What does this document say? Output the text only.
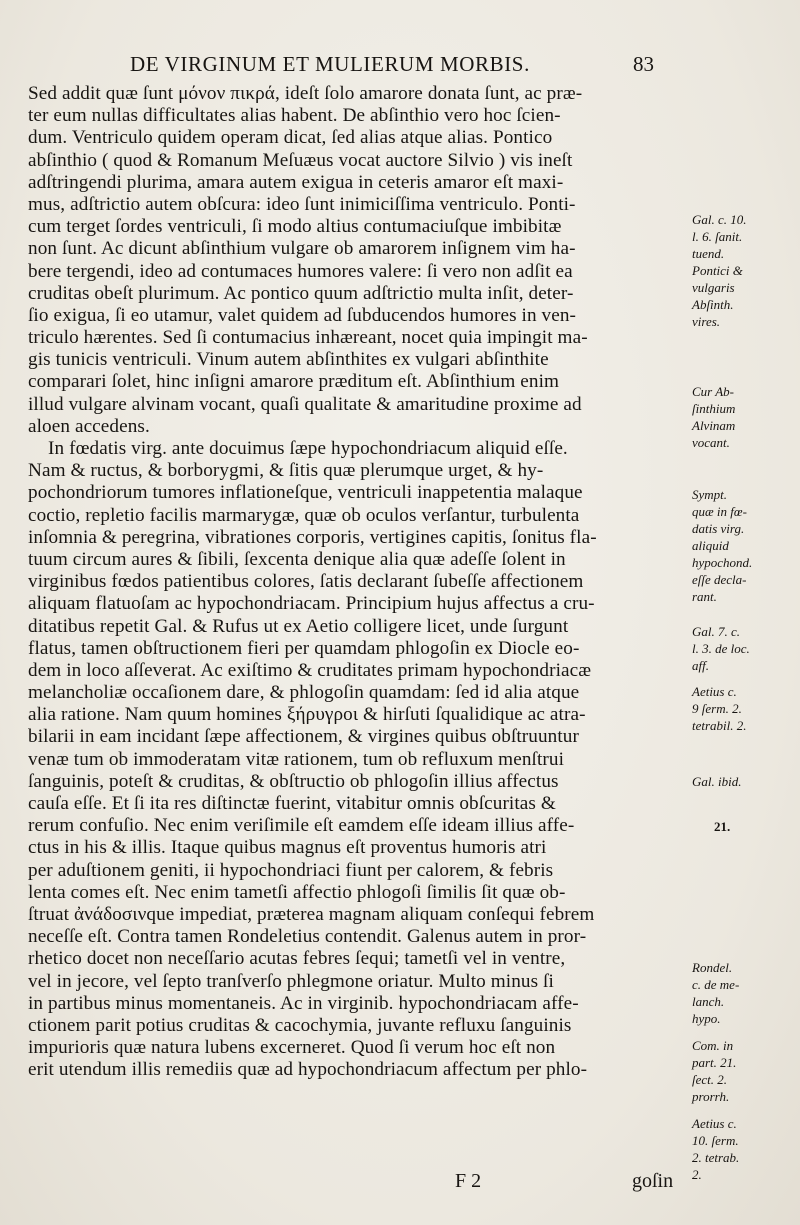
DE VIRGINUM ET MULIERUM MORBIS.	83
Sed addit quæ ſunt μόνον πικρά, ideſt ſolo amarore donata ſunt, ac præ-
ter eum nullas difficultates alias habent. De abſinthio vero hoc ſcien-
dum. Ventriculo quidem operam dicat, ſed alias atque alias. Pontico
abſinthio ( quod & Romanum Meſuæus vocat auctore Silvio ) vis ineſt
adſtringendi plurima, amara autem exigua in ceteris amaror eſt maxi-
mus, adſtrictio autem obſcura: ideo ſunt inimiciſſima ventriculo. Ponti-
cum terget ſordes ventriculi, ſi modo altius contumaciuſque imbibitæ
non ſunt. Ac dicunt abſinthium vulgare ob amarorem inſignem vim ha-
bere tergendi, ideo ad contumaces humores valere: ſi vero non adſit ea
cruditas obeſt plurimum. Ac pontico quum adſtrictio multa inſit, deter-
ſio exigua, ſi eo utamur, valet quidem ad ſubducendos humores in ven-
triculo hærentes. Sed ſi contumacius inhæreant, nocet quia impingit ma-
gis tunicis ventriculi. Vinum autem abſinthites ex vulgari abſinthite
comparari ſolet, hinc inſigni amarore præditum eſt. Abſinthium enim
illud vulgare alvinam vocant, quaſi qualitate & amaritudine proxime ad
aloen accedens.
In fœdatis virg. ante docuimus ſæpe hypochondriacum aliquid eſſe.
Nam & ructus, & borborygmi, & ſitis quæ plerumque urget, & hy-
pochondriorum tumores inflationeſque, ventriculi inappetentia malaque
coctio, repletio facilis marmarygæ, quæ ob oculos verſantur, turbulenta
inſomnia & peregrina, vibrationes corporis, vertigines capitis, ſonitus fla-
tuum circum aures & ſibili, ſexcenta denique alia quæ adeſſe ſolent in
virginibus fœdos patientibus colores, ſatis declarant ſubeſſe affectionem
aliquam flatuoſam ac hypochondriacam. Principium hujus affectus a cru-
ditatibus repetit Gal. & Rufus ut ex Aetio colligere licet, unde ſurgunt
flatus, tamen obſtructionem fieri per quamdam phlogoſin ex Diocle eo-
dem in loco aſſeverat. Ac exiſtimo & cruditates primam hypochondriacæ
melancholiæ occaſionem dare, & phlogoſin quamdam: ſed id alia atque
alia ratione. Nam quum homines ξήρυγροι & hirſuti ſqualidique ac atra-
bilarii in eam incidant ſæpe affectionem, & virgines quibus obſtruuntur
venæ tum ob immoderatam vitæ rationem, tum ob refluxum menſtrui
ſanguinis, poteſt & cruditas, & obſtructio ob phlogoſin illius affectus
cauſa eſſe. Et ſi ita res diſtinctæ fuerint, vitabitur omnis obſcuritas &
rerum confuſio. Nec enim veriſimile eſt eamdem eſſe ideam illius affe-
ctus in his & illis. Itaque quibus magnus eſt proventus humoris atri
per aduſtionem geniti, ii hypochondriaci fiunt per calorem, & febris
lenta comes eſt. Nec enim tametſi affectio phlogoſi ſimilis ſit quæ ob-
ſtruat ἀνάδοσινque impediat, præterea magnam aliquam conſequi febrem
neceſſe eſt. Contra tamen Rondeletius contendit. Galenus autem in pror-
rhetico docet non neceſſario acutas febres ſequi; tametſi vel in ventre,
vel in jecore, vel ſepto tranſverſo phlegmone oriatur. Multo minus ſi
in partibus minus momentaneis. Ac in virginib. hypochondriacam affe-
ctionem parit potius cruditas & cacochymia, juvante refluxu ſanguinis
impurioris quæ natura lubens excerneret. Quod ſi verum hoc eſt non
erit utendum illis remediis quæ ad hypochondriacum affectum per phlo-
Gal. c. 10.
l. 6. ſanit.
tuend.
Pontici &
vulgaris
Abſinth.
vires.
Cur Ab-
ſinthium
Alvinam
vocant.
Sympt.
quæ in fœ-
datis virg.
aliquid
hypochond.
eſſe decla-
rant.
Gal. 7. c.
l. 3. de loc.
aff.
Aetius c.
9 ſerm. 2.
tetrabil. 2.
Gal. ibid.
21.
Rondel.
c. de me-
lanch.
hypo.
Com. in
part. 21.
ſect. 2.
prorrh.
Aetius c.
10. ſerm.
2. tetrab.
2.
F 2	goſin
